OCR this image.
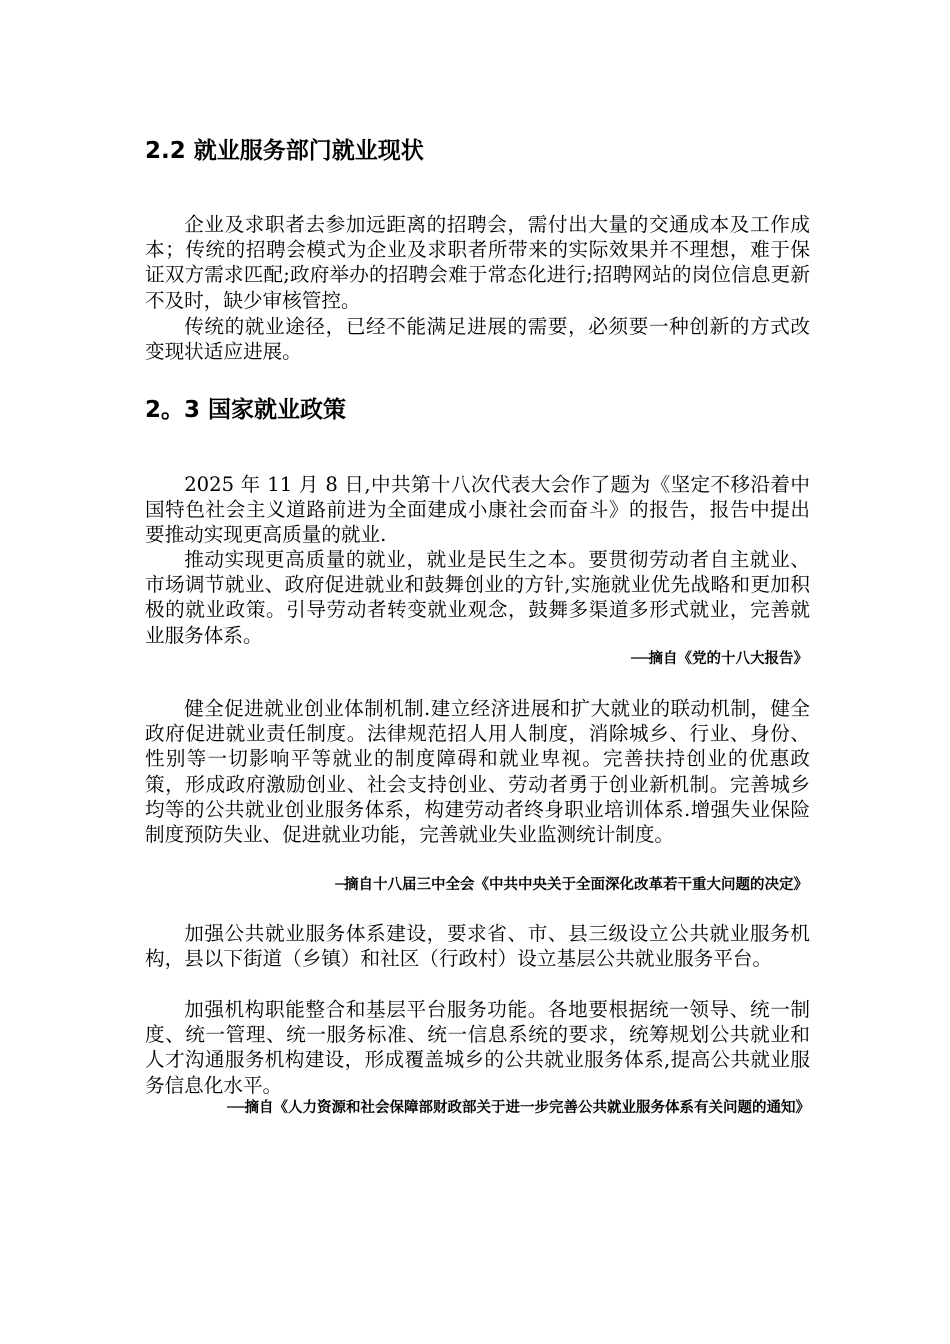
2.2 就业服务部门就业现状

企业及求职者去参加远距离的招聘会，需付出大量的交通成本及工作成本；传统的招聘会模式为企业及求职者所带来的实际效果并不理想，难于保证双方需求匹配;政府举办的招聘会难于常态化进行;招聘网站的岗位信息更新不及时，缺少审核管控。

传统的就业途径，已经不能满足进展的需要，必须要一种创新的方式改变现状适应进展。

2。3 国家就业政策

2025 年 11 月 8 日,中共第十八次代表大会作了题为《坚定不移沿着中国特色社会主义道路前进为全面建成小康社会而奋斗》的报告，报告中提出要推动实现更高质量的就业.

推动实现更高质量的就业，就业是民生之本。要贯彻劳动者自主就业、市场调节就业、政府促进就业和鼓舞创业的方针,实施就业优先战略和更加积极的就业政策。引导劳动者转变就业观念，鼓舞多渠道多形式就业，完善就业服务体系。

──摘自《党的十八大报告》

健全促进就业创业体制机制.建立经济进展和扩大就业的联动机制，健全政府促进就业责任制度。法律规范招人用人制度，消除城乡、行业、身份、性别等一切影响平等就业的制度障碍和就业卑视。完善扶持创业的优惠政策，形成政府激励创业、社会支持创业、劳动者勇于创业新机制。完善城乡均等的公共就业创业服务体系，构建劳动者终身职业培训体系.增强失业保险制度预防失业、促进就业功能，完善就业失业监测统计制度。

─摘自十八届三中全会《中共中央关于全面深化改革若干重大问题的决定》

加强公共就业服务体系建设，要求省、市、县三级设立公共就业服务机构，县以下街道（乡镇）和社区（行政村）设立基层公共就业服务平台。

加强机构职能整合和基层平台服务功能。各地要根据统一领导、统一制度、统一管理、统一服务标准、统一信息系统的要求，统筹规划公共就业和人才沟通服务机构建设，形成覆盖城乡的公共就业服务体系,提高公共就业服务信息化水平。

──摘自《人力资源和社会保障部财政部关于进一步完善公共就业服务体系有关问题的通知》
